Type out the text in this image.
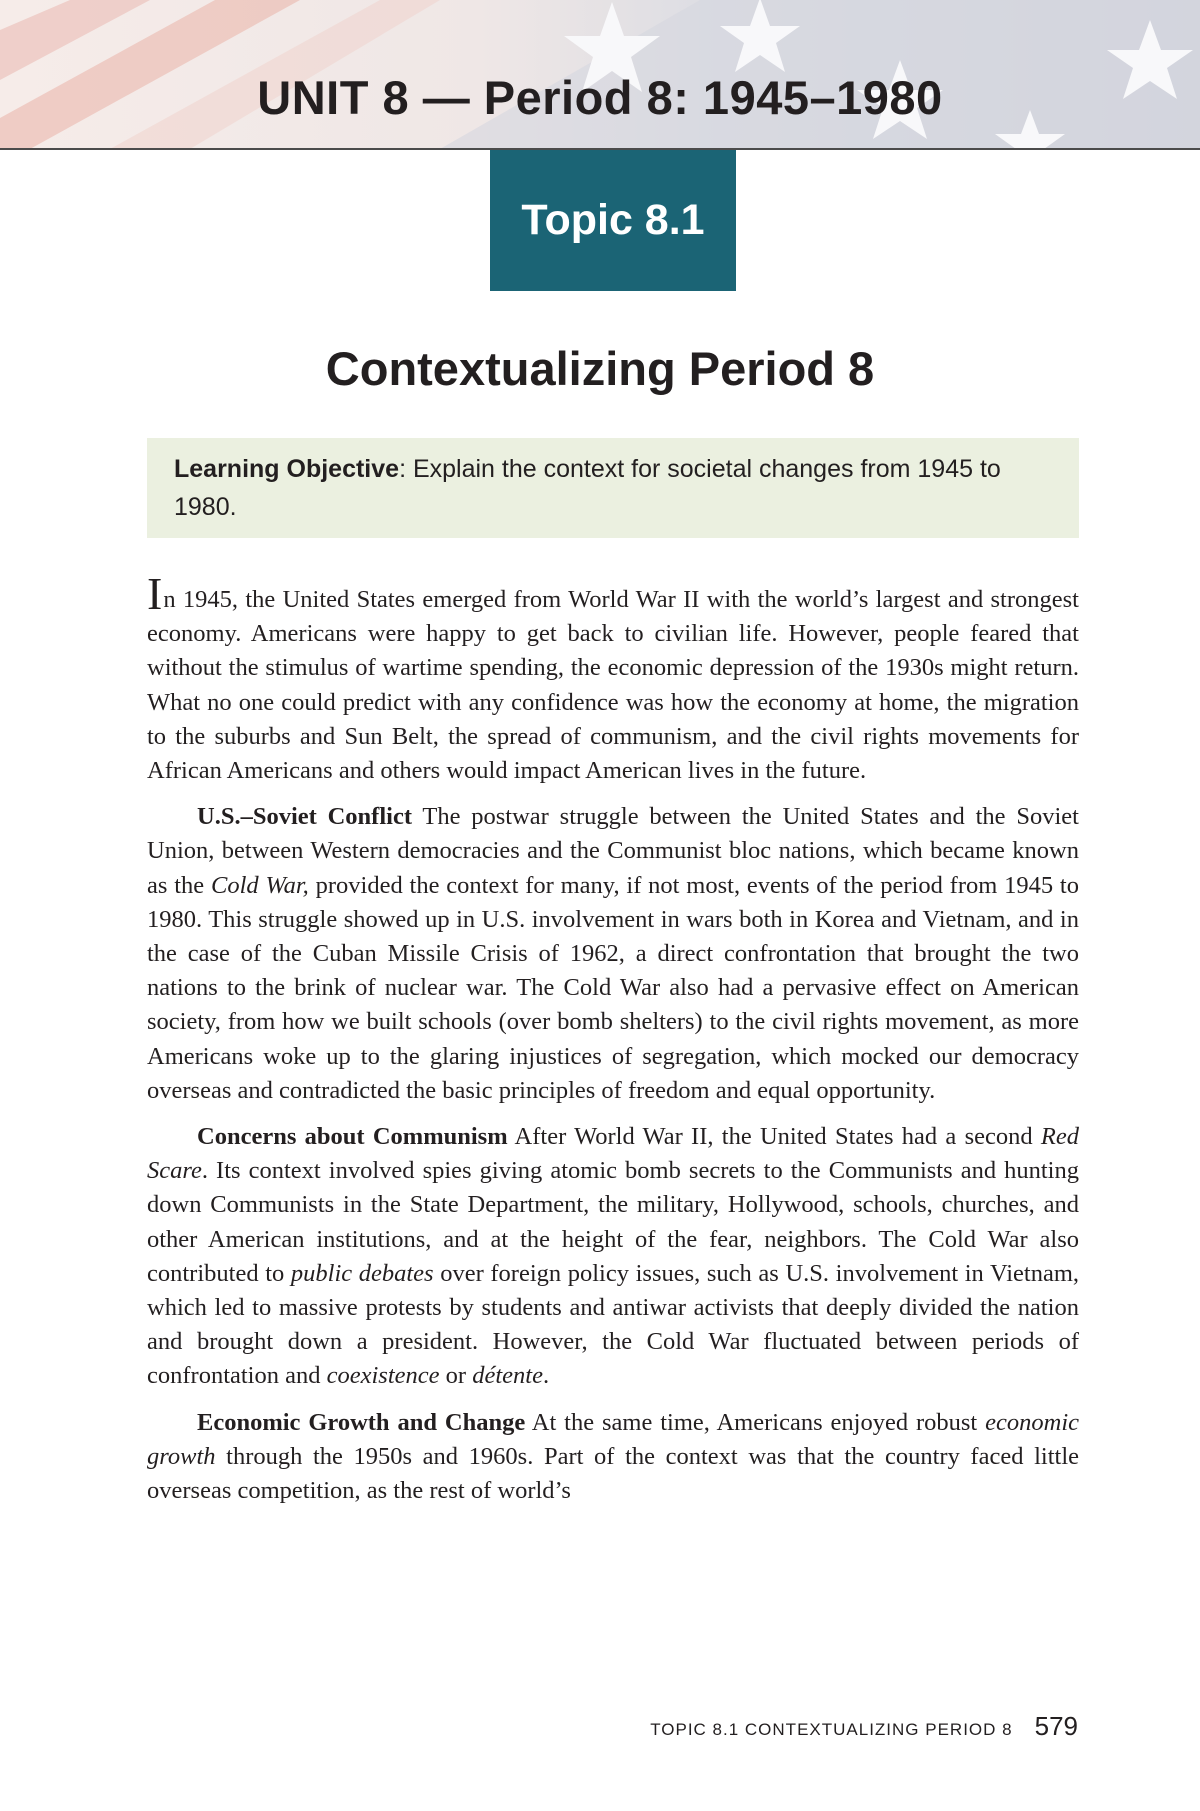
UNIT 8 — Period 8: 1945–1980
Topic 8.1
Contextualizing Period 8
Learning Objective: Explain the context for societal changes from 1945 to 1980.

In 1945, the United States emerged from World War II with the world’s largest and strongest economy. Americans were happy to get back to civilian life. However, people feared that without the stimulus of wartime spending, the economic depression of the 1930s might return. What no one could predict with any confidence was how the economy at home, the migration to the suburbs and Sun Belt, the spread of communism, and the civil rights movements for African Americans and others would impact American lives in the future.

U.S.–Soviet Conflict The postwar struggle between the United States and the Soviet Union, between Western democracies and the Communist bloc nations, which became known as the Cold War, provided the context for many, if not most, events of the period from 1945 to 1980. This struggle showed up in U.S. involvement in wars both in Korea and Vietnam, and in the case of the Cuban Missile Crisis of 1962, a direct confrontation that brought the two nations to the brink of nuclear war. The Cold War also had a pervasive effect on American society, from how we built schools (over bomb shelters) to the civil rights movement, as more Americans woke up to the glaring injustices of segregation, which mocked our democracy overseas and contradicted the basic principles of freedom and equal opportunity.

Concerns about Communism After World War II, the United States had a second Red Scare. Its context involved spies giving atomic bomb secrets to the Communists and hunting down Communists in the State Department, the military, Hollywood, schools, churches, and other American institutions, and at the height of the fear, neighbors. The Cold War also contributed to public debates over foreign policy issues, such as U.S. involvement in Vietnam, which led to massive protests by students and antiwar activists that deeply divided the nation and brought down a president. However, the Cold War fluctuated between periods of confrontation and coexistence or détente.

Economic Growth and Change At the same time, Americans enjoyed robust economic growth through the 1950s and 1960s. Part of the context was that the country faced little overseas competition, as the rest of world’s

TOPIC 8.1 CONTEXTUALIZING PERIOD 8 579
